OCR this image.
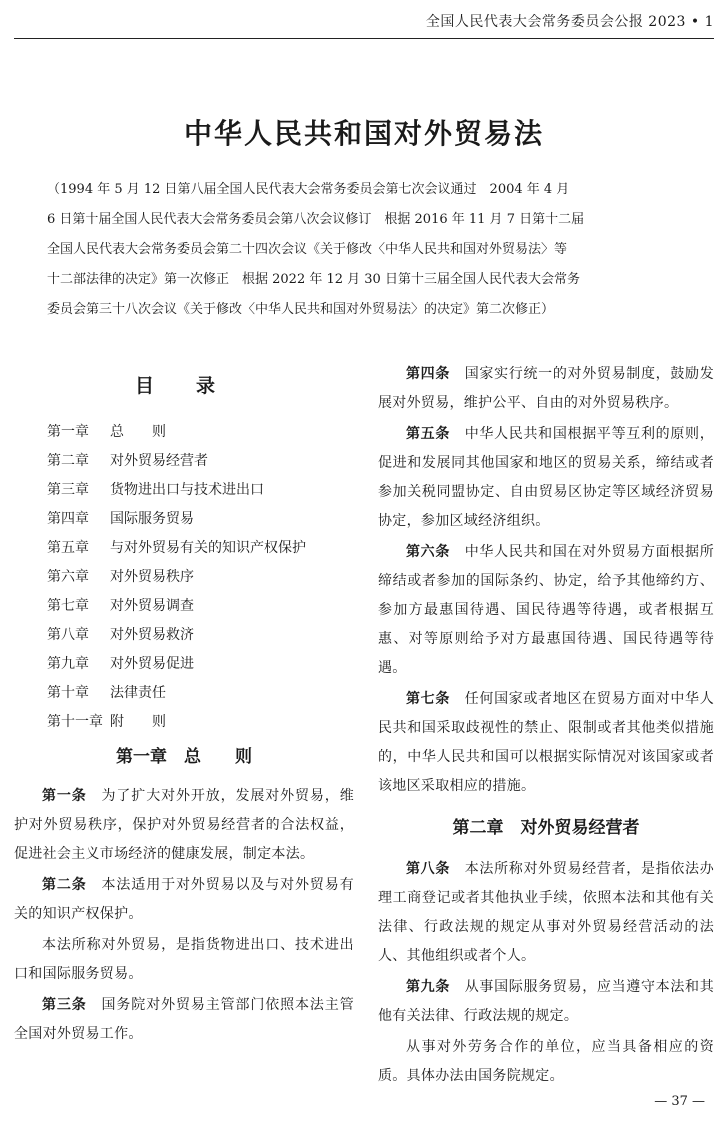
全国人民代表大会常务委员会公报 2023 • 1
中华人民共和国对外贸易法
（1994 年 5 月 12 日第八届全国人民代表大会常务委员会第七次会议通过　2004 年 4 月
6 日第十届全国人民代表大会常务委员会第八次会议修订　根据 2016 年 11 月 7 日第十二届
全国人民代表大会常务委员会第二十四次会议《关于修改〈中华人民共和国对外贸易法〉等
十二部法律的决定》第一次修正　根据 2022 年 12 月 30 日第十三届全国人民代表大会常务
委员会第三十八次会议《关于修改〈中华人民共和国对外贸易法〉的决定》第二次修正）
目录
第一章 总　　则
第二章 对外贸易经营者
第三章 货物进出口与技术进出口
第四章 国际服务贸易
第五章 与对外贸易有关的知识产权保护
第六章 对外贸易秩序
第七章 对外贸易调查
第八章 对外贸易救济
第九章 对外贸易促进
第十章 法律责任
第十一章 附　　则
第一章　总　　则

第一条　为了扩大对外开放，发展对外贸易，维护对外贸易秩序，保护对外贸易经营者的合法权益，促进社会主义市场经济的健康发展，制定本法。

第二条　本法适用于对外贸易以及与对外贸易有关的知识产权保护。

本法所称对外贸易，是指货物进出口、技术进出口和国际服务贸易。

第三条　国务院对外贸易主管部门依照本法主管全国对外贸易工作。

第四条　国家实行统一的对外贸易制度，鼓励发展对外贸易，维护公平、自由的对外贸易秩序。

第五条　中华人民共和国根据平等互利的原则，促进和发展同其他国家和地区的贸易关系，缔结或者参加关税同盟协定、自由贸易区协定等区域经济贸易协定，参加区域经济组织。

第六条　中华人民共和国在对外贸易方面根据所缔结或者参加的国际条约、协定，给予其他缔约方、参加方最惠国待遇、国民待遇等待遇，或者根据互惠、对等原则给予对方最惠国待遇、国民待遇等待遇。

第七条　任何国家或者地区在贸易方面对中华人民共和国采取歧视性的禁止、限制或者其他类似措施的，中华人民共和国可以根据实际情况对该国家或者该地区采取相应的措施。

第二章　对外贸易经营者

第八条　本法所称对外贸易经营者，是指依法办理工商登记或者其他执业手续，依照本法和其他有关法律、行政法规的规定从事对外贸易经营活动的法人、其他组织或者个人。

第九条　从事国际服务贸易，应当遵守本法和其他有关法律、行政法规的规定。

从事对外劳务合作的单位，应当具备相应的资质。具体办法由国务院规定。

— 37 —
